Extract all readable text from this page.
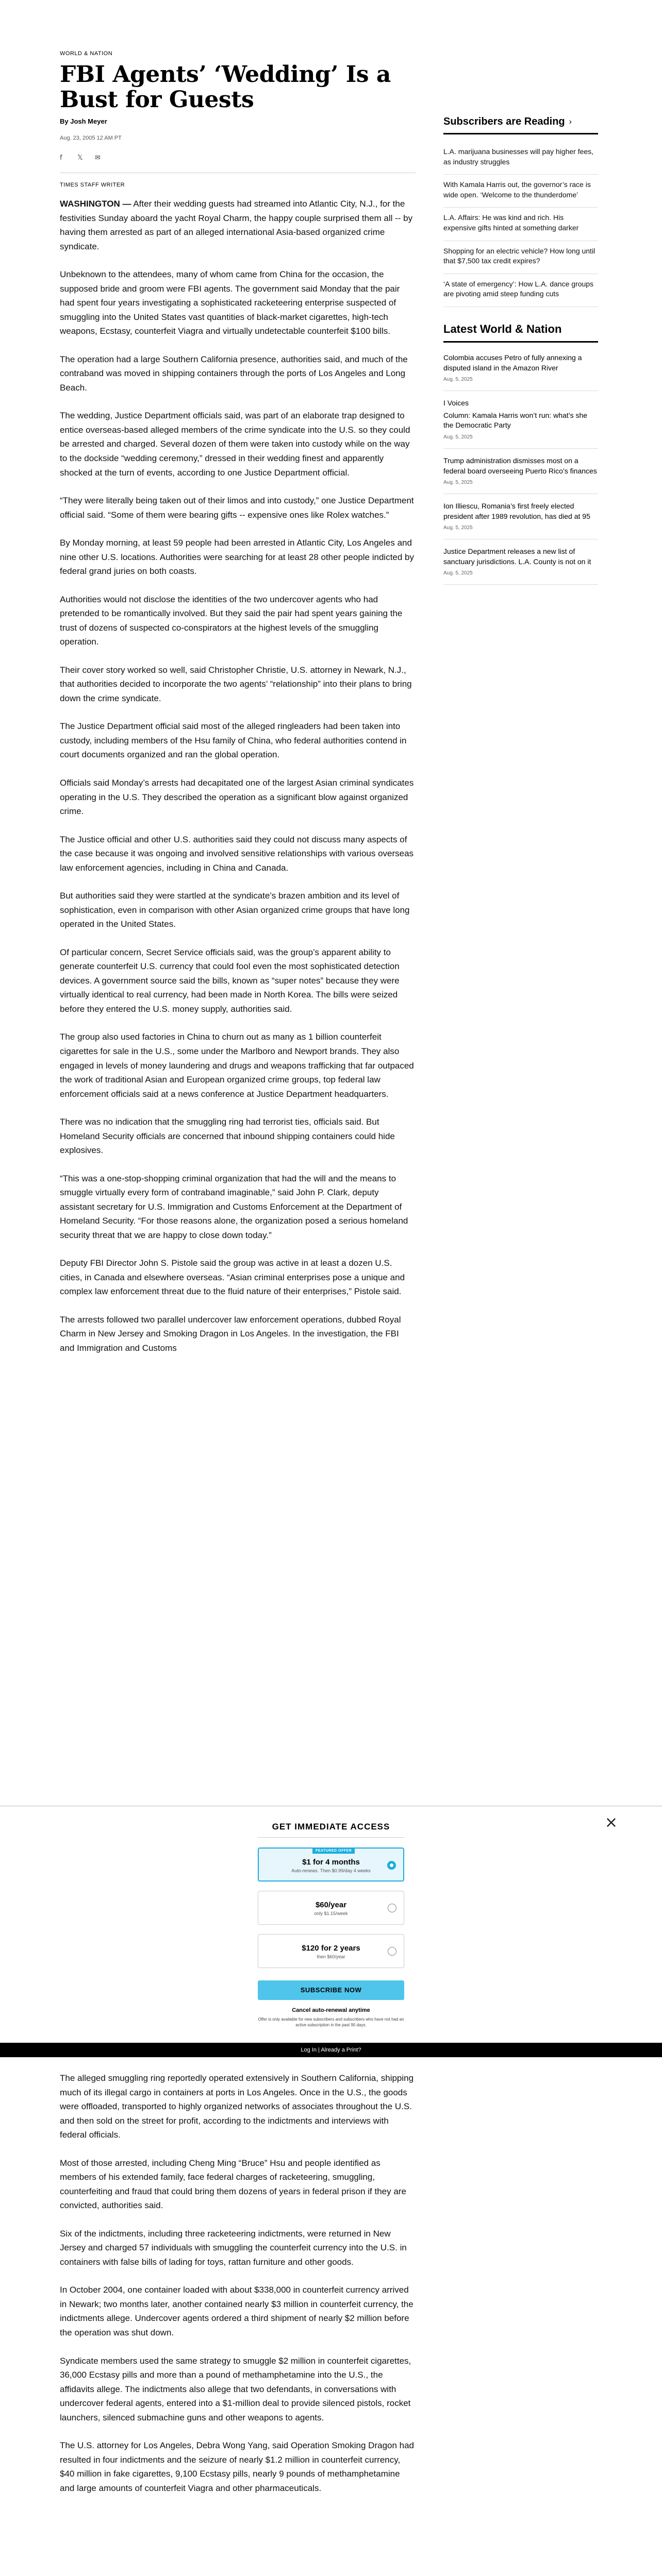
WORLD & NATION
FBI Agents’ ‘Wedding’ Is a Bust for Guests
By Josh Meyer
Aug. 23, 2005 12 AM PT
f	𝕏 ✉
TIMES STAFF WRITER

WASHINGTON — After their wedding guests had streamed into Atlantic City, N.J., for the festivities Sunday aboard the yacht Royal Charm, the happy couple surprised them all -- by having them arrested as part of an alleged international Asia-based organized crime syndicate.

Unbeknown to the attendees, many of whom came from China for the occasion, the supposed bride and groom were FBI agents. The government said Monday that the pair had spent four years investigating a sophisticated racketeering enterprise suspected of smuggling into the United States vast quantities of black-market cigarettes, high-tech weapons, Ecstasy, counterfeit Viagra and virtually undetectable counterfeit $100 bills.

The operation had a large Southern California presence, authorities said, and much of the contraband was moved in shipping containers through the ports of Los Angeles and Long Beach.

The wedding, Justice Department officials said, was part of an elaborate trap designed to entice overseas-based alleged members of the crime syndicate into the U.S. so they could be arrested and charged. Several dozen of them were taken into custody while on the way to the dockside “wedding ceremony,” dressed in their wedding finest and apparently shocked at the turn of events, according to one Justice Department official.

“They were literally being taken out of their limos and into custody,” one Justice Department official said. “Some of them were bearing gifts -- expensive ones like Rolex watches.”

By Monday morning, at least 59 people had been arrested in Atlantic City, Los Angeles and nine other U.S. locations. Authorities were searching for at least 28 other people indicted by federal grand juries on both coasts.

Authorities would not disclose the identities of the two undercover agents who had pretended to be romantically involved. But they said the pair had spent years gaining the trust of dozens of suspected co-conspirators at the highest levels of the smuggling operation.

Their cover story worked so well, said Christopher Christie, U.S. attorney in Newark, N.J., that authorities decided to incorporate the two agents’ “relationship” into their plans to bring down the crime syndicate.

The Justice Department official said most of the alleged ringleaders had been taken into custody, including members of the Hsu family of China, who federal authorities contend in court documents organized and ran the global operation.

Officials said Monday’s arrests had decapitated one of the largest Asian criminal syndicates operating in the U.S. They described the operation as a significant blow against organized crime.

The Justice official and other U.S. authorities said they could not discuss many aspects of the case because it was ongoing and involved sensitive relationships with various overseas law enforcement agencies, including in China and Canada.

But authorities said they were startled at the syndicate’s brazen ambition and its level of sophistication, even in comparison with other Asian organized crime groups that have long operated in the United States.

Of particular concern, Secret Service officials said, was the group’s apparent ability to generate counterfeit U.S. currency that could fool even the most sophisticated detection devices. A government source said the bills, known as “super notes” because they were virtually identical to real currency, had been made in North Korea. The bills were seized before they entered the U.S. money supply, authorities said.

The group also used factories in China to churn out as many as 1 billion counterfeit cigarettes for sale in the U.S., some under the Marlboro and Newport brands. They also engaged in levels of money laundering and drugs and weapons trafficking that far outpaced the work of traditional Asian and European organized crime groups, top federal law enforcement officials said at a news conference at Justice Department headquarters.

There was no indication that the smuggling ring had terrorist ties, officials said. But Homeland Security officials are concerned that inbound shipping containers could hide explosives.

“This was a one-stop-shopping criminal organization that had the will and the means to smuggle virtually every form of contraband imaginable,” said John P. Clark, deputy assistant secretary for U.S. Immigration and Customs Enforcement at the Department of Homeland Security. “For those reasons alone, the organization posed a serious homeland security threat that we are happy to close down today.”

Deputy FBI Director John S. Pistole said the group was active in at least a dozen U.S. cities, in Canada and elsewhere overseas. “Asian criminal enterprises pose a unique and complex law enforcement threat due to the fluid nature of their enterprises,” Pistole said.

The arrests followed two parallel undercover law enforcement operations, dubbed Royal Charm in New Jersey and Smoking Dragon in Los Angeles. In the investigation, the FBI and Immigration and Customs

Subscribers are Reading ›
L.A. marijuana businesses will pay higher fees, as industry struggles
With Kamala Harris out, the governor’s race is wide open. ‘Welcome to the thunderdome’
L.A. Affairs: He was kind and rich. His expensive gifts hinted at something darker
Shopping for an electric vehicle? How long until that $7,500 tax credit expires?
‘A state of emergency’: How L.A. dance groups are pivoting amid steep funding cuts
Latest World & Nation
Colombia accuses Petro of fully annexing a disputed island in the Amazon River
Aug. 5, 2025
I Voices
Column: Kamala Harris won’t run: what’s she the Democratic Party
Aug. 5, 2025
Trump administration dismisses most on a federal board overseeing Puerto Rico’s finances
Aug. 5, 2025
Ion Illiescu, Romania’s first freely elected president after 1989 revolution, has died at 95
Aug. 5, 2025
Justice Department releases a new list of sanctuary jurisdictions. L.A. County is not on it
Aug. 5, 2025
×
GET IMMEDIATE ACCESS
FEATURED OFFER
$1 for 4 months
Auto-renews. Then $0.99/day 4 weeks
$60/year
only $1.15/week
$120 for 2 years
then $60/year
SUBSCRIBE NOW
Cancel auto-renewal anytime
Offer is only available for new subscribers and subscribers who have not had an active subscription in the past 90 days.
Log In | Already a Print?

The alleged smuggling ring reportedly operated extensively in Southern California, shipping much of its illegal cargo in containers at ports in Los Angeles. Once in the U.S., the goods were offloaded, transported to highly organized networks of associates throughout the U.S. and then sold on the street for profit, according to the indictments and interviews with federal officials.

Most of those arrested, including Cheng Ming “Bruce” Hsu and people identified as members of his extended family, face federal charges of racketeering, smuggling, counterfeiting and fraud that could bring them dozens of years in federal prison if they are convicted, authorities said.

Six of the indictments, including three racketeering indictments, were returned in New Jersey and charged 57 individuals with smuggling the counterfeit currency into the U.S. in containers with false bills of lading for toys, rattan furniture and other goods.

In October 2004, one container loaded with about $338,000 in counterfeit currency arrived in Newark; two months later, another contained nearly $3 million in counterfeit currency, the indictments allege. Undercover agents ordered a third shipment of nearly $2 million before the operation was shut down.

Syndicate members used the same strategy to smuggle $2 million in counterfeit cigarettes, 36,000 Ecstasy pills and more than a pound of methamphetamine into the U.S., the affidavits allege. The indictments also allege that two defendants, in conversations with undercover federal agents, entered into a $1-million deal to provide silenced pistols, rocket launchers, silenced submachine guns and other weapons to agents.

The U.S. attorney for Los Angeles, Debra Wong Yang, said Operation Smoking Dragon had resulted in four indictments and the seizure of nearly $1.2 million in counterfeit currency, $40 million in fake cigarettes, 9,100 Ecstasy pills, nearly 9 pounds of methamphetamine and large amounts of counterfeit Viagra and other pharmaceuticals.
